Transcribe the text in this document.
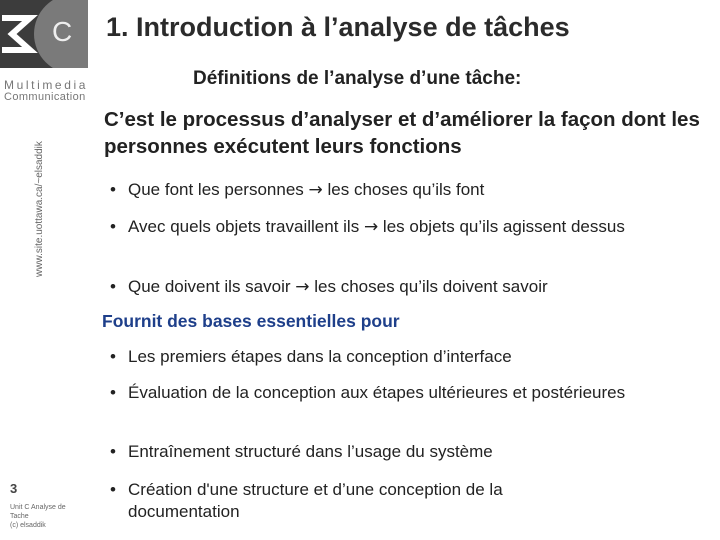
C
Multimedia
Communication
www.site.uottawa.ca/~elsaddik
1. Introduction à l’analyse de tâches
Définitions de l’analyse d’une tâche:
C’est le processus d’analyser et d’améliorer la façon dont les personnes exécutent leurs fonctions
• Que font les personnes → les choses qu’ils font
• Avec quels objets travaillent ils → les objets qu’ils agissent dessus
• Que doivent ils savoir → les choses qu’ils doivent savoir
Fournit des bases essentielles pour
• Les premiers étapes dans la conception d’interface
• Évaluation de la conception aux étapes ultérieures et postérieures
• Entraînement structuré dans l’usage du système
• Création d'une structure et d’une conception de la documentation
3
Unit C Analyse de
Tache
(c) elsaddik
